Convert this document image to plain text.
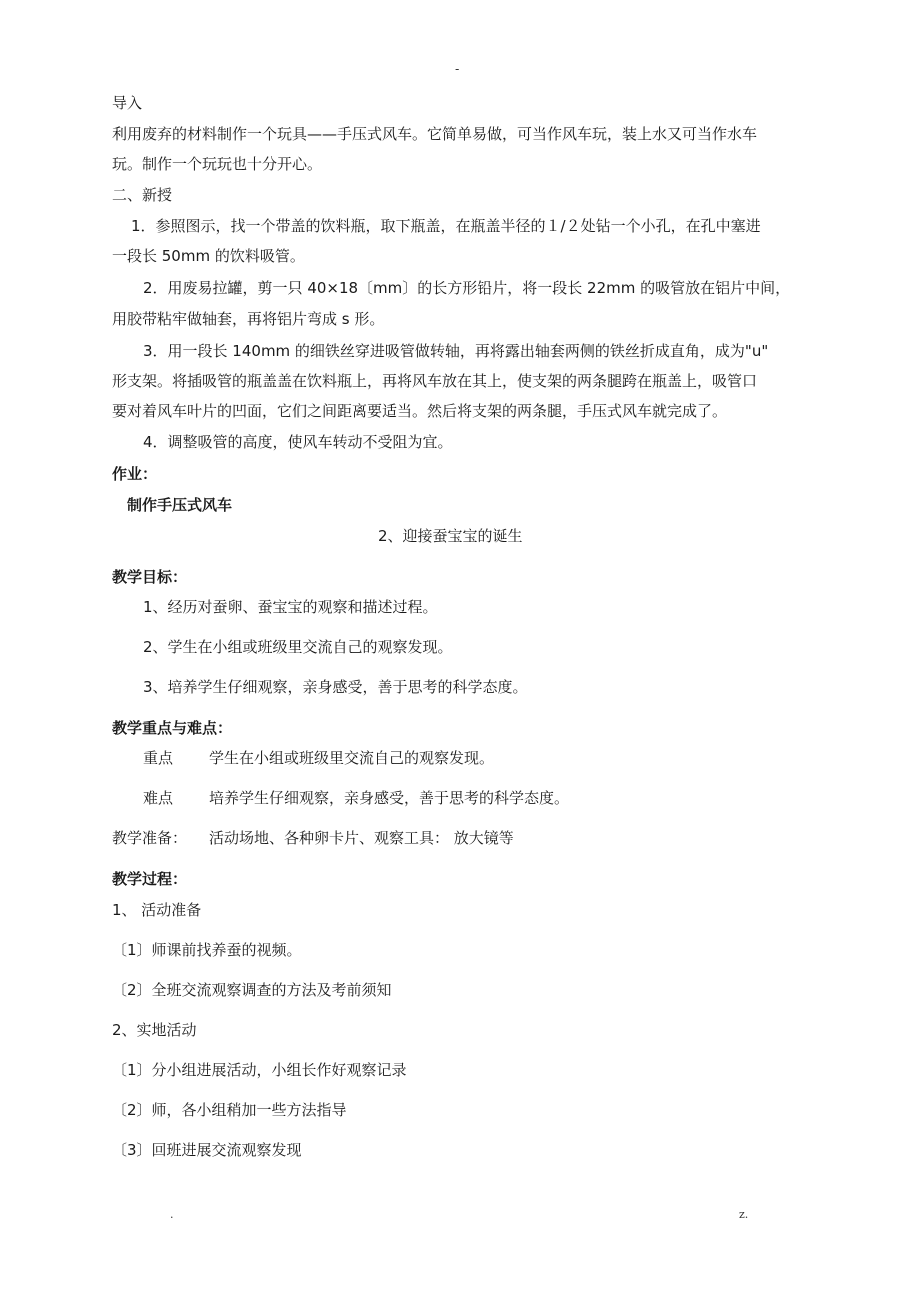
-
导入
利用废弃的材料制作一个玩具——手压式风车。它简单易做，可当作风车玩，装上水又可当作水车
玩。制作一个玩玩也十分开心。
二、新授
1．参照图示，找一个带盖的饮料瓶，取下瓶盖，在瓶盖半径的１/２处钻一个小孔，在孔中塞进
一段长 50mm 的饮料吸管。
2．用废易拉罐，剪一只 40×18〔mm〕的长方形铅片，将一段长 22mm 的吸管放在铝片中间，
用胶带粘牢做轴套，再将铝片弯成 s 形。
3．用一段长 140mm 的细铁丝穿进吸管做转轴，再将露出轴套两侧的铁丝折成直角，成为"u"
形支架。将插吸管的瓶盖盖在饮料瓶上，再将风车放在其上，使支架的两条腿跨在瓶盖上，吸管口
要对着风车叶片的凹面，它们之间距离要适当。然后将支架的两条腿，手压式风车就完成了。
4．调整吸管的高度，使风车转动不受阻为宜。
作业：
制作手压式风车
2、迎接蚕宝宝的诞生
教学目标：
1、经历对蚕卵、蚕宝宝的观察和描述过程。
2、学生在小组或班级里交流自己的观察发现。
3、培养学生仔细观察，亲身感受，善于思考的科学态度。
教学重点与难点：
重点 学生在小组或班级里交流自己的观察发现。
难点 培养学生仔细观察，亲身感受，善于思考的科学态度。
教学准备： 活动场地、各种卵卡片、观察工具： 放大镜等
教学过程：
1、 活动准备
〔1〕师课前找养蚕的视频。
〔2〕全班交流观察调查的方法及考前须知
2、实地活动
〔1〕分小组进展活动，小组长作好观察记录
〔2〕师，各小组稍加一些方法指导
〔3〕回班进展交流观察发现
.	z.
